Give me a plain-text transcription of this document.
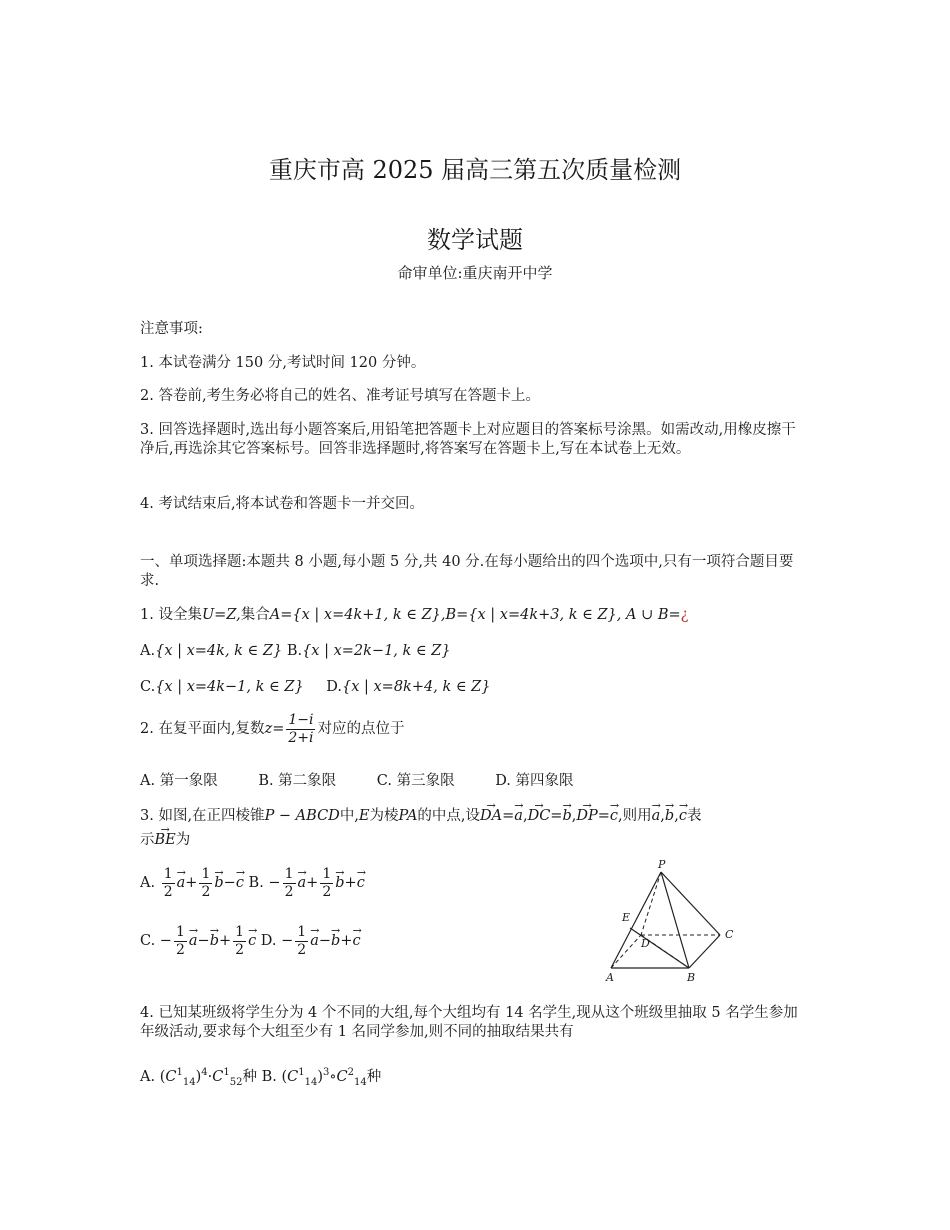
重庆市高 2025 届高三第五次质量检测
数学试题
命审单位:重庆南开中学
注意事项:
1. 本试卷满分 150 分,考试时间 120 分钟。
2. 答卷前,考生务必将自己的姓名、准考证号填写在答题卡上。
3. 回答选择题时,选出每小题答案后,用铅笔把答题卡上对应题目的答案标号涂黑。如需改动,用橡皮擦干净后,再选涂其它答案标号。回答非选择题时,将答案写在答题卡上,写在本试卷上无效。
4. 考试结束后,将本试卷和答题卡一并交回。
一、单项选择题:本题共 8 小题,每小题 5 分,共 40 分.在每小题给出的四个选项中,只有一项符合题目要求.
1. 设全集U=Z,集合A={x | x=4k+1, k ∈ Z},B={x | x=4k+3, k ∈ Z}, A ∪ B=¿
A.{x | x=4k, k ∈ Z} B.{x | x=2k−1, k ∈ Z}
C.{x | x=4k−1, k ∈ Z} D.{x | x=8k+4, k ∈ Z}
2. 在复平面内,复数$z= \frac{1-i}{2+i}$ 对应的点位于
A. 第一象限	B. 第二象限	C. 第三象限	D. 第四象限
3. 如图,在正四棱锥P − ABCD中,E为棱PA的中点,设→ DA=→ a,→ DC=→ b,→ DP=→ c,则用→ a,→ b,→ c表
示→ BE为
A. $\frac{1}{2}$
→ $a+ \frac{1}{2}$
→ b−→ c B. − $\frac{1}{2}$
→ $a+ \frac{1}{2}$
→ b+→ c
C. − $\frac{1}{2}$
→ $a-\to b+ \frac{1}{2}$
→ c D. − $\frac{1}{2}$
→ a−→ b+→ c
P
E
D
C
A	B
4. 已知某班级将学生分为 4 个不同的大组,每个大组均有 14 名学生,现从这个班级里抽取 5 名学生参加年级活动,要求每个大组至少有 1 名同学参加,则不同的抽取结果共有
A. $(C^1_{14})^4\cdot C^1_{52}$种 B. $(C^1_{14})^3\circ C^2_{14}$种
